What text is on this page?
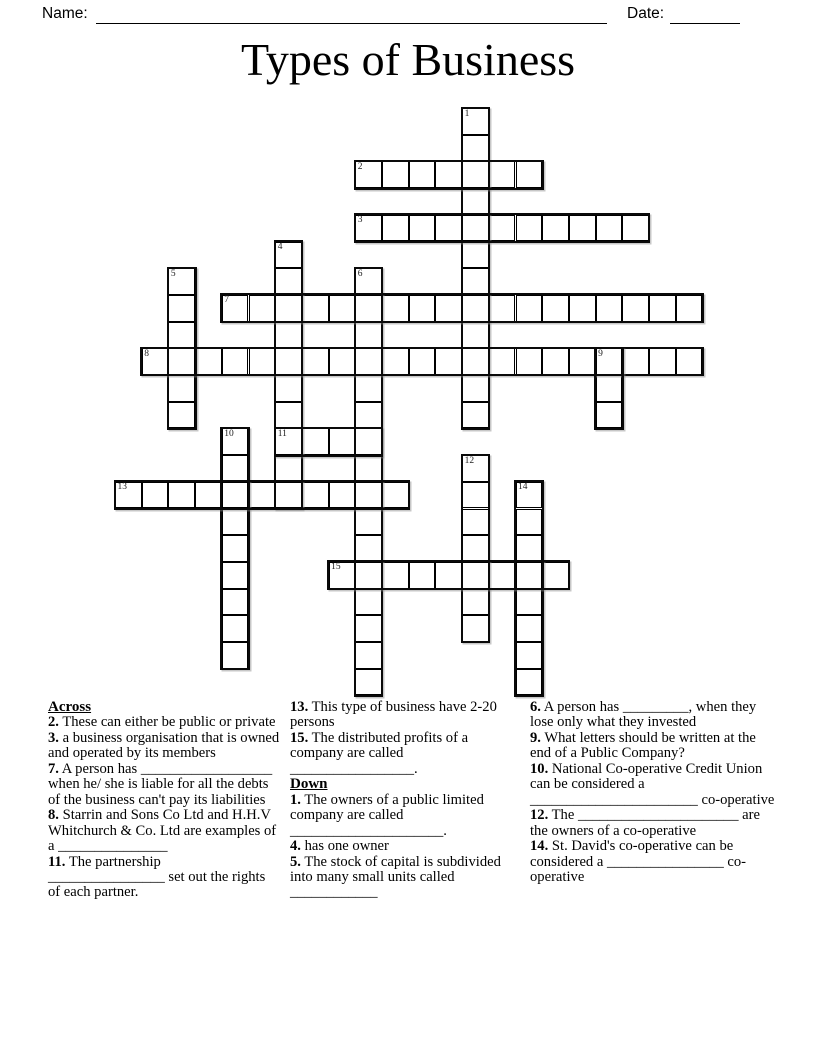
Name:	Date:
Types of Business
1
2
3
4
5	6
7
8	9
10	11
12
13	14
15
Across
2. These can either be public or private
3. a business organisation that is owned and operated by its members
7. A person has __________________ when he/ she is liable for all the debts of the business can't pay its liabilities
8. Starrin and Sons Co Ltd and H.H.V Whitchurch & Co. Ltd are examples of a _______________
11. The partnership ________________ set out the rights of each partner.
13. This type of business have 2-20 persons
15. The distributed profits of a company are called _________________.
Down
1. The owners of a public limited company are called _____________________.
4. has one owner
5. The stock of capital is subdivided into many small units called ____________
6. A person has _________, when they lose only what they invested
9. What letters should be written at the end of a Public Company?
10. National Co-operative Credit Union can be considered a _______________________ co-operative
12. The ______________________ are the owners of a co-operative
14. St. David's co-operative can be considered a ________________ co-operative
